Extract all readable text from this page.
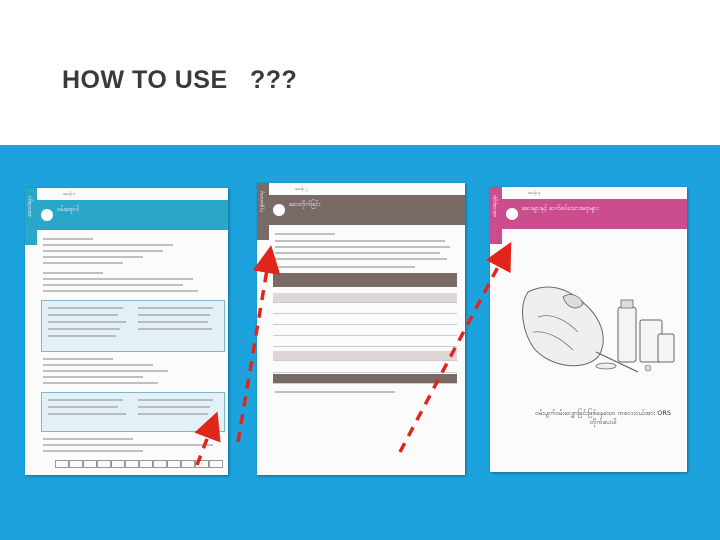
HOW TO USE   ???
ဆေးဝါးများ
အခန်း ၁
ဝမ်းရောဂါ	ကျန်းမာရေး
အခန်း ၂
ဆေးတိုက်ခြင်း	ဆေးအညွှန်း
အခန်း ၃
ဆေးများနှင့် ဆက်စပ်သောအရာများ
ဝမ်းပျက်ဝမ်းလျှောခြင်းဖြစ်နေသော ကလေးငယ်အား ORS တိုက်ပေးပါ
